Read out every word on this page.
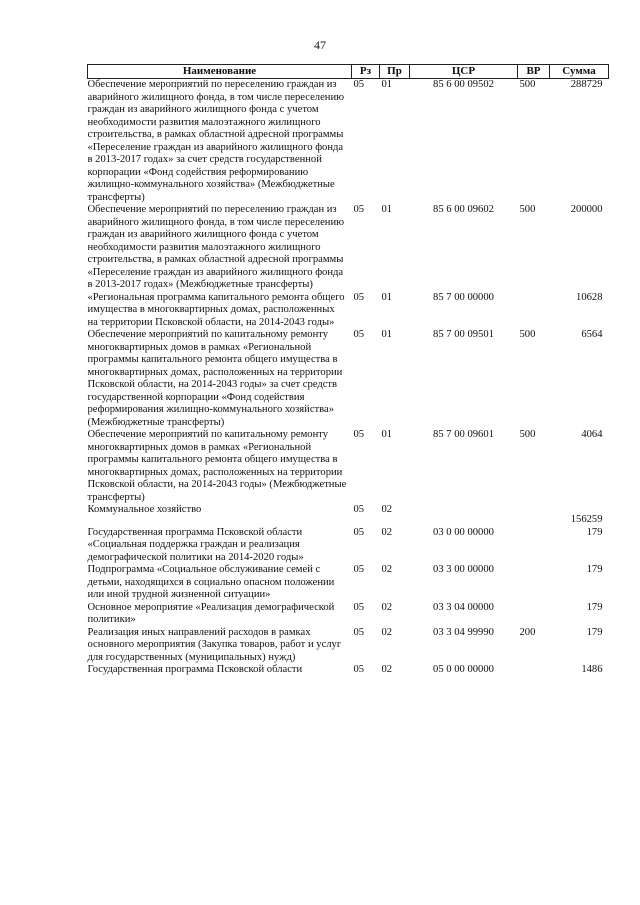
47
Наименование	Рз	Пр	ЦСР	ВР	Сумма
Обеспечение мероприятий по переселению граждан из аварийного жилищного фонда, в том числе переселению граждан из аварийного жилищного фонда с учетом необходимости развития малоэтажного жилищного строительства, в рамках областной адресной программы «Переселение граждан из аварийного жилищного фонда в 2013-2017 годах» за счет средств государственной корпорации «Фонд содействия реформированию жилищно-коммунального хозяйства» (Межбюджетные трансферты)	05	01	85 6 00 09502	500	288729
Обеспечение мероприятий по переселению граждан из аварийного жилищного фонда, в том числе переселению граждан из аварийного жилищного фонда с учетом необходимости развития малоэтажного жилищного строительства, в рамках областной адресной программы «Переселение граждан из аварийного жилищного фонда в 2013-2017 годах» (Межбюджетные трансферты)	05	01	85 6 00 09602	500	200000
«Региональная программа капитального ремонта общего имущества в многоквартирных домах, расположенных на территории Псковской области, на 2014-2043 годы»	05	01	85 7 00 00000		10628
Обеспечение мероприятий по капитальному ремонту многоквартирных домов в рамках «Региональной программы капитального ремонта общего имущества в многоквартирных домах, расположенных на территории Псковской области, на 2014-2043 годы» за счет средств государственной корпорации «Фонд содействия реформирования жилищно-коммунального хозяйства» (Межбюджетные трансферты)	05	01	85 7 00 09501	500	6564
Обеспечение мероприятий по капитальному ремонту многоквартирных домов в рамках «Региональной программы капитального ремонта общего имущества в многоквартирных домах, расположенных на территории Псковской области, на 2014-2043 годы» (Межбюджетные трансферты)	05	01	85 7 00 09601	500	4064
Коммунальное хозяйство	05	02			156259
Государственная программа Псковской области «Социальная поддержка граждан и реализация демографической политики на 2014-2020 годы»	05	02	03 0 00 00000		179
Подпрограмма «Социальное обслуживание семей с детьми, находящихся в социально опасном положении или иной трудной жизненной ситуации»	05	02	03 3 00 00000		179
Основное мероприятие «Реализация демографической политики»	05	02	03 3 04 00000		179
Реализация иных направлений расходов в рамках основного мероприятия (Закупка товаров, работ и услуг для государственных (муниципальных) нужд)	05	02	03 3 04 99990	200	179
Государственная программа Псковской области	05	02	05 0 00 00000		1486
